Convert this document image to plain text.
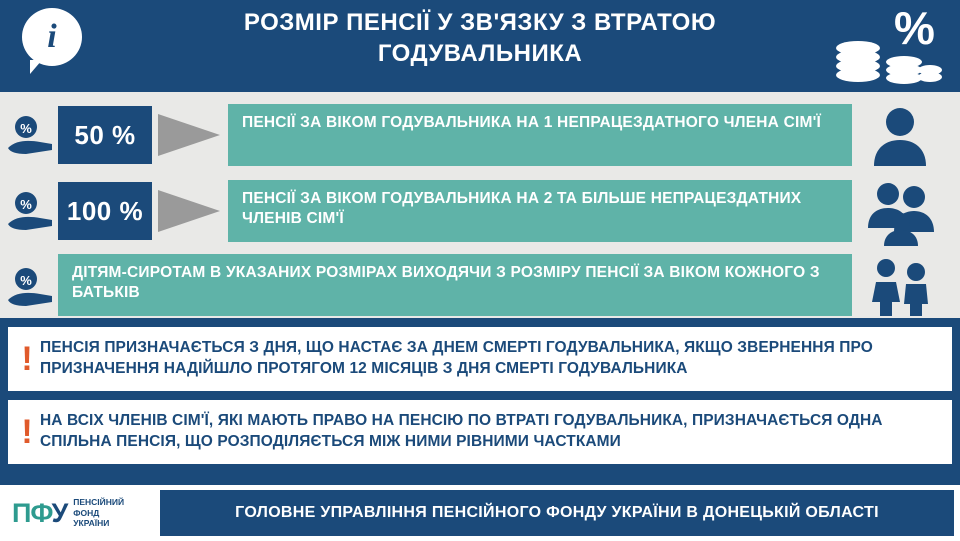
i	РОЗМІР ПЕНСІЇ У ЗВ'ЯЗКУ З ВТРАТОЮ ГОДУВАЛЬНИКА	%
%	50 %	ПЕНСІЇ ЗА ВІКОМ ГОДУВАЛЬНИКА НА 1 НЕПРАЦЕЗДАТНОГО ЧЛЕНА СІМ'Ї
%	100 %	ПЕНСІЇ ЗА ВІКОМ ГОДУВАЛЬНИКА НА 2 ТА БІЛЬШЕ НЕПРАЦЕЗДАТНИХ ЧЛЕНІВ СІМ'Ї
%	ДІТЯМ-СИРОТАМ В УКАЗАНИХ РОЗМІРАХ ВИХОДЯЧИ З РОЗМІРУ ПЕНСІЇ ЗА ВІКОМ КОЖНОГО З БАТЬКІВ
! ПЕНСІЯ ПРИЗНАЧАЄТЬСЯ З ДНЯ, ЩО НАСТАЄ ЗА ДНЕМ СМЕРТІ ГОДУВАЛЬНИКА, ЯКЩО ЗВЕРНЕННЯ ПРО ПРИЗНАЧЕННЯ НАДІЙШЛО ПРОТЯГОМ 12 МІСЯЦІВ З ДНЯ СМЕРТІ ГОДУВАЛЬНИКА
! НА ВСІХ ЧЛЕНІВ СІМ'Ї, ЯКІ МАЮТЬ ПРАВО НА ПЕНСІЮ ПО ВТРАТІ ГОДУВАЛЬНИКА, ПРИЗНАЧАЄТЬСЯ ОДНА СПІЛЬНА ПЕНСІЯ, ЩО РОЗПОДІЛЯЄТЬСЯ МІЖ НИМИ РІВНИМИ ЧАСТКАМИ
ПФУ ПЕНСІЙНИЙ
ФОНД
УКРАЇНИ
ГОЛОВНЕ УПРАВЛІННЯ ПЕНСІЙНОГО ФОНДУ УКРАЇНИ В ДОНЕЦЬКІЙ ОБЛАСТІ
